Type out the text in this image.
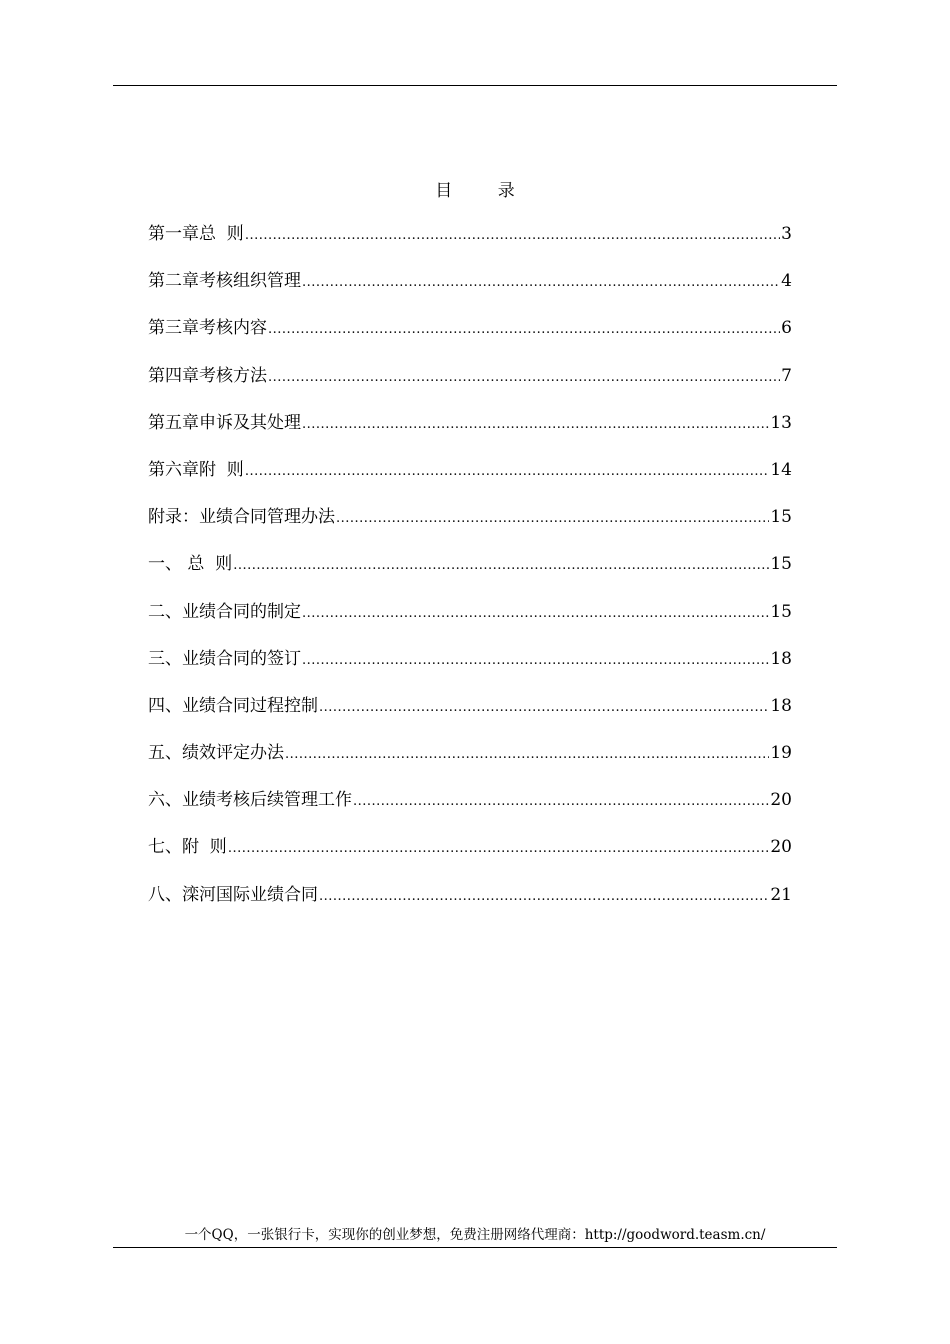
目 录
第一章 总  则 .....	3
第二章 考核组织管理 .....	4
第三章 考核内容 .....	6
第四章 考核方法 .....	7
第五章 申诉及其处理 .....	13
第六章 附  则 .....	14
附录：业绩合同管理办法 .....	15
一、 总  则 .....	15
二、业绩合同的制定 .....	15
三、业绩合同的签订 .....	18
四、业绩合同过程控制 .....	18
五、绩效评定办法 .....	19
六、业绩考核后续管理工作 .....	20
七、附  则 .....	20
八、滦河国际业绩合同 .....	21
一个QQ，一张银行卡，实现你的创业梦想，免费注册网络代理商：http://goodword.teasm.cn/
